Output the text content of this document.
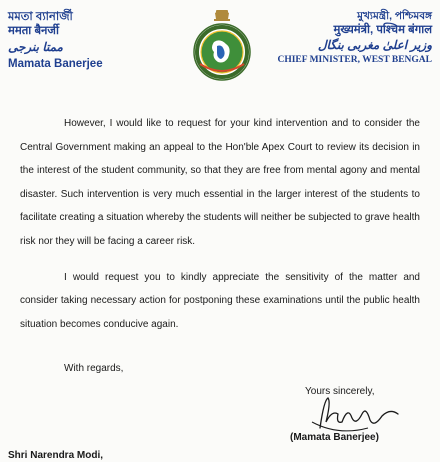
মমতা ব্যানার্জী
ममता बैनर्जी
ممتا بنرجی
Mamata Banerjee
মুখ্যমন্ত্রী, পশ্চিমবঙ্গ
मुख्यमंत्री, पश्चिम बंगाल
وزیر اعلیٰ مغربی بنگال
CHIEF MINISTER, WEST BENGAL

However, I would like to request for your kind intervention and to consider the Central Government making an appeal to the Hon'ble Apex Court to review its decision in the interest of the student community, so that they are free from mental agony and mental disaster. Such intervention is very much essential in the larger interest of the students to facilitate creating a situation whereby the students will neither be subjected to grave health risk nor they will be facing a career risk.

I would request you to kindly appreciate the sensitivity of the matter and consider taking necessary action for postponing these examinations until the public health situation becomes conducive again.

With regards,
Yours sincerely,
(Mamata Banerjee)
Shri Narendra Modi,
